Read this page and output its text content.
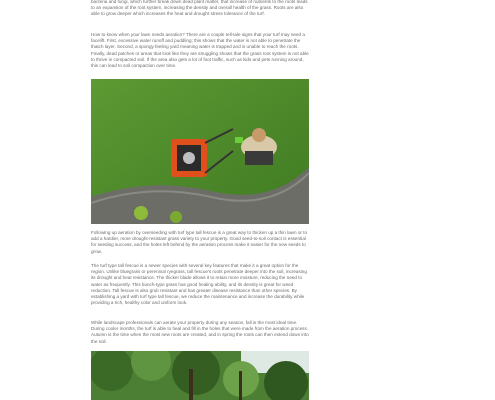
bacteria and fungi, which further break down dead plant matter, that increase of nutrients to the roots leads to an expansion of the root system, increasing the density and overall health of the grass. Roots are also able to grow deeper which increases the heat and drought stress tolerance of the turf.

How to know when your lawn needs aeration? There are a couple tell-tale signs that your turf may need a facelift. First, excessive water runoff and puddling; this shows that the water is not able to penetrate the thatch layer. Second, a spongy feeling yard meaning water is trapped and is unable to reach the roots. Finally, dead patches or areas that look like they are struggling shows that the grass root system is not able to thrive in compacted soil. If the area also gets a lot of foot traffic, such as kids and pets running around, this can lead to soil compaction over time.

Following up aeration by overseeding with turf type tall fescue is a great way to thicken up a thin lawn or to add a hardier, more drought-resistant grass variety to your property. Good seed-to-soil contact is essential for seeding success, and the holes left behind by the aeration process make it easier for the new seeds to grow.

The turf type tall fescue is a newer species with several key features that make it a great option for the region. Unlike bluegrass or perennial ryegrass, tall fescue's roots penetrate deeper into the soil, increasing its drought and heat resistance. The thicker blade allows it to retain more moisture, reducing the need to water as frequently. This bunch-type grass has good healing ability, and its density is great for weed reduction. Tall fescue is also grub resistant and has greater disease resistance than other species. By establishing a yard with turf type tall fescue, we reduce the maintenance and increase the durability while providing a rich, healthy color and uniform look.

While landscape professionals can aerate your property during any season, fall is the most ideal time. During cooler months, the turf is able to heal and fill in the holes that were made from the aeration process. Autumn is the time when the most new roots are created, and in spring the roots can then extend down into the soil.
